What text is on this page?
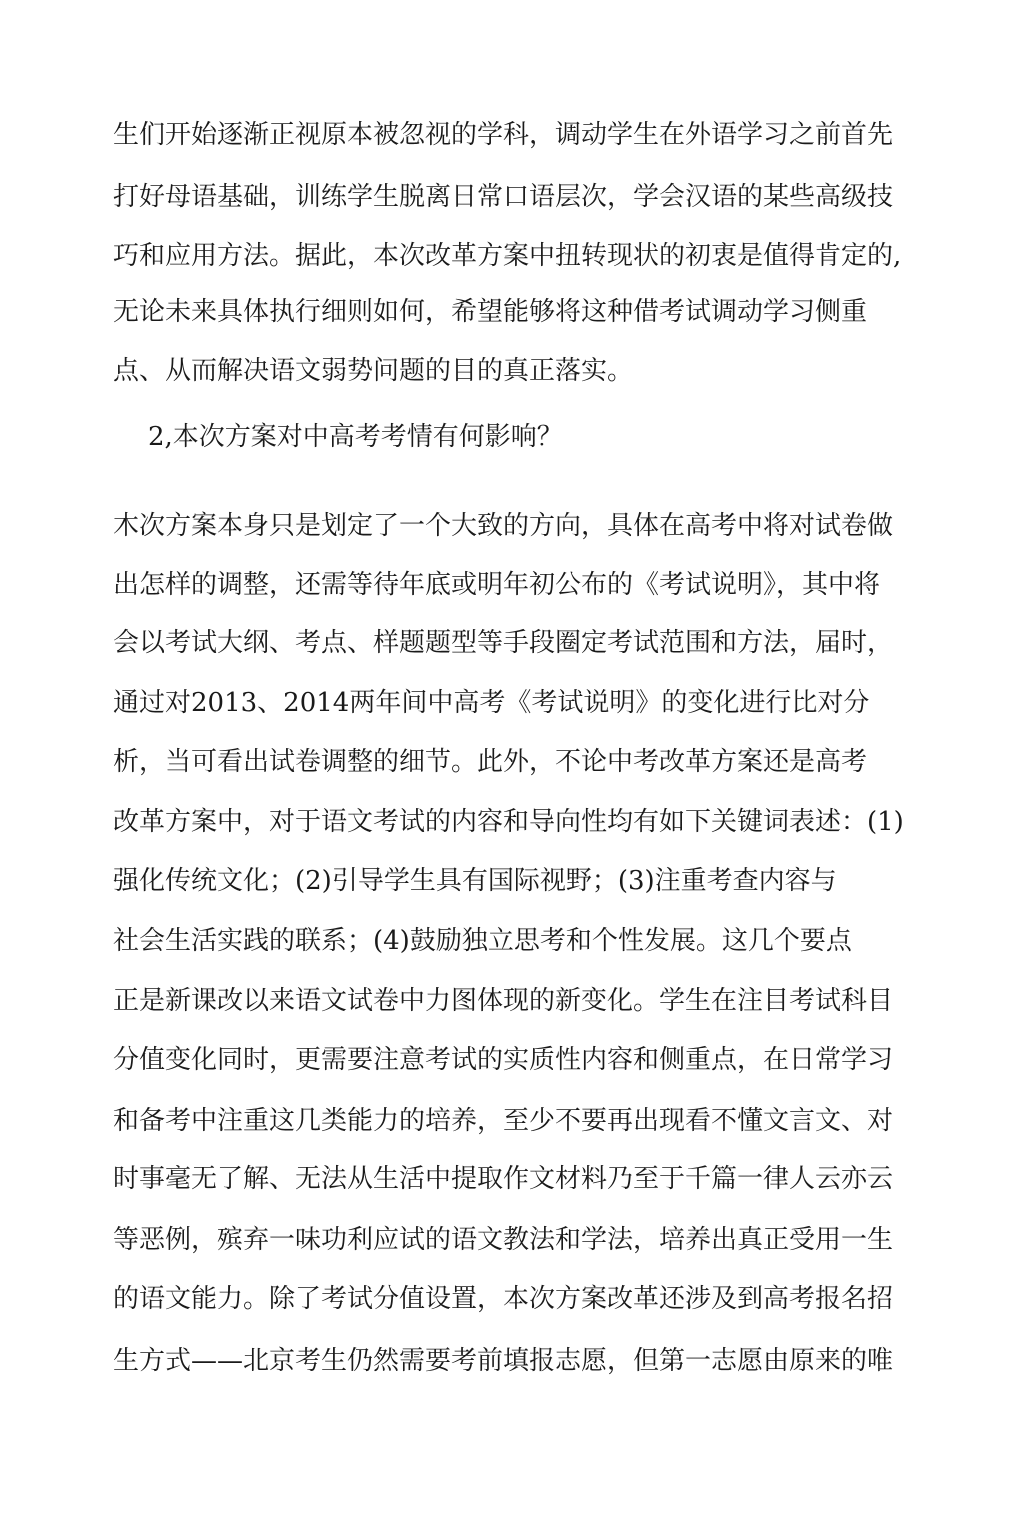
生们开始逐渐正视原本被忽视的学科，调动学生在外语学习之前首先
打好母语基础，训练学生脱离日常口语层次，学会汉语的某些高级技
巧和应用方法。据此，本次改革方案中扭转现状的初衷是值得肯定的,
无论未来具体执行细则如何，希望能够将这种借考试调动学习侧重
点、从而解决语文弱势问题的目的真正落实。
2,本次方案对中高考考情有何影响？
木次方案本身只是划定了一个大致的方向，具体在高考中将对试卷做
出怎样的调整，还需等待年底或明年初公布的《考试说明》，其中将
会以考试大纲、考点、样题题型等手段圈定考试范围和方法，届时，
通过对2013、2014两年间中高考《考试说明》的变化进行比对分
析，当可看出试卷调整的细节。此外，不论中考改革方案还是高考
改革方案中，对于语文考试的内容和导向性均有如下关键词表述：(1)
强化传统文化；(2)引导学生具有国际视野；(3)注重考查内容与
社会生活实践的联系；(4)鼓励独立思考和个性发展。这几个要点
正是新课改以来语文试卷中力图体现的新变化。学生在注目考试科目
分值变化同时，更需要注意考试的实质性内容和侧重点，在日常学习
和备考中注重这几类能力的培养，至少不要再出现看不懂文言文、对
时事毫无了解、无法从生活中提取作文材料乃至于千篇一律人云亦云
等恶例，殡弃一味功利应试的语文教法和学法，培养出真正受用一生
的语文能力。除了考试分值设置，本次方案改革还涉及到高考报名招
生方式——北京考生仍然需要考前填报志愿，但第一志愿由原来的唯
